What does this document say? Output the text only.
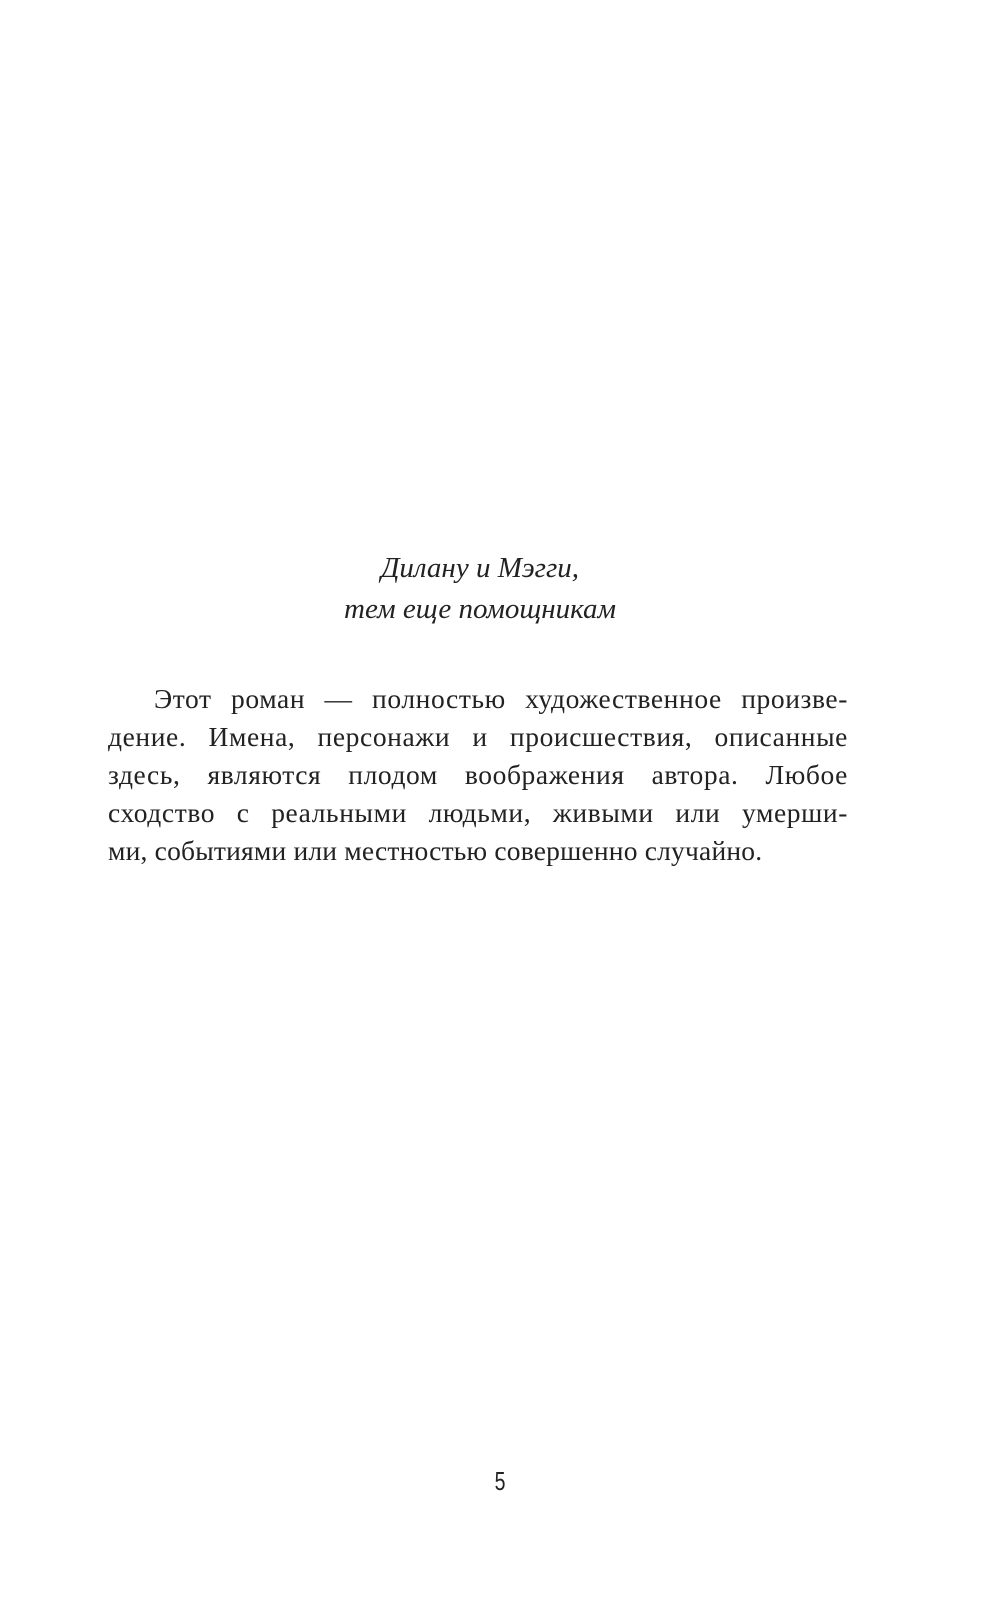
Дилану и Мэгги,
тем еще помощникам
Этот роман — полностью художественное произве-
дение. Имена, персонажи и происшествия, описанные
здесь, являются плодом воображения автора. Любое
сходство с реальными людьми, живыми или умерши-
ми, событиями или местностью совершенно случайно.
5
